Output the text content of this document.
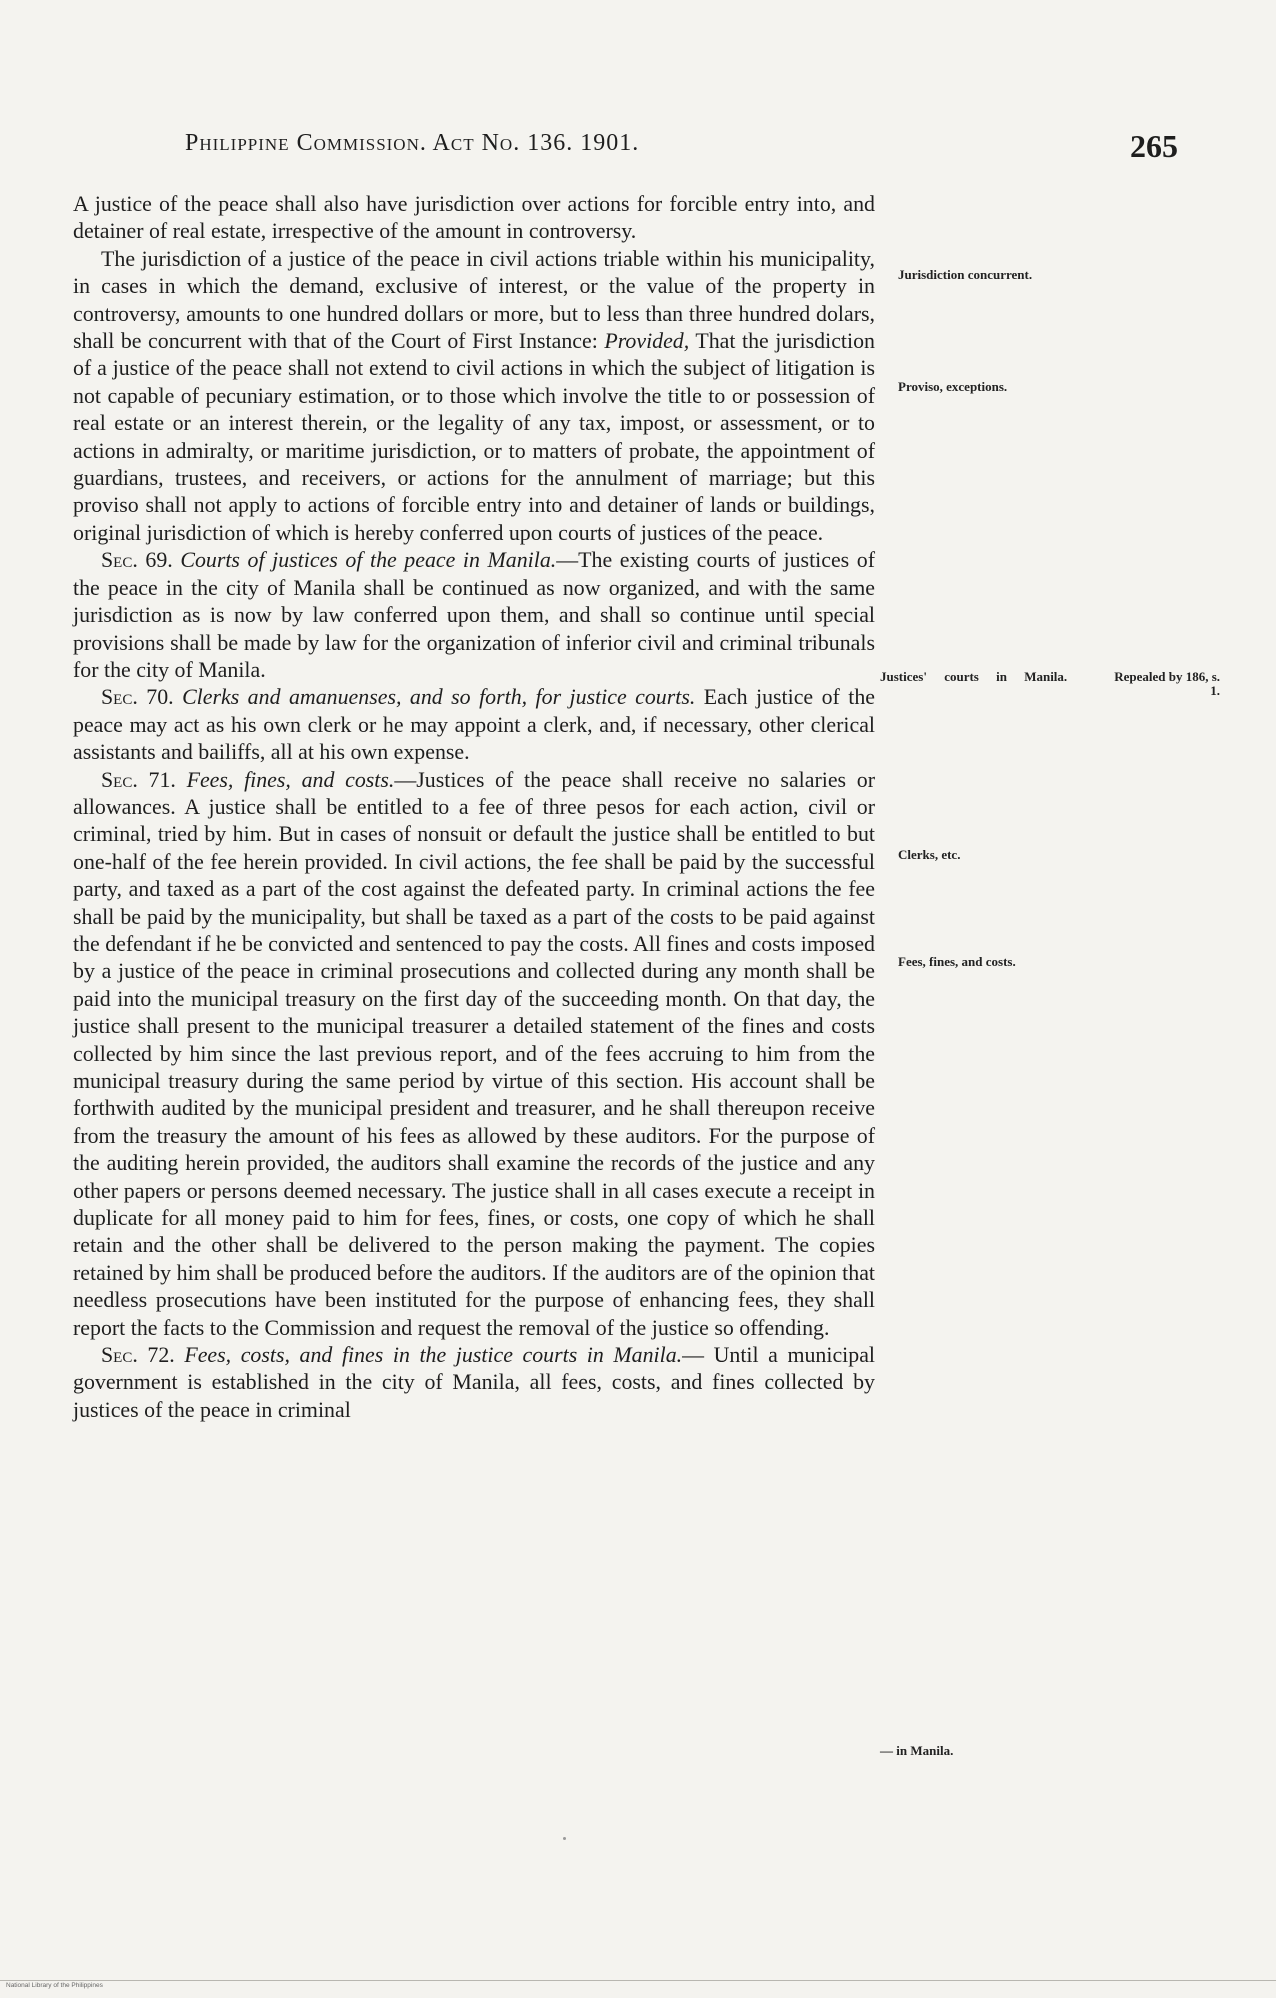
Philippine Commission. Act No. 136. 1901.	265

A justice of the peace shall also have jurisdiction over actions for forcible entry into, and detainer of real estate, irrespective of the amount in controversy.

The jurisdiction of a justice of the peace in civil actions triable within his municipality, in cases in which the demand, exclusive of interest, or the value of the property in controversy, amounts to one hundred dollars or more, but to less than three hundred dolars, shall be concurrent with that of the Court of First Instance: Provided, That the jurisdiction of a justice of the peace shall not extend to civil actions in which the subject of litigation is not capable of pecuniary estimation, or to those which involve the title to or possession of real estate or an interest therein, or the legality of any tax, impost, or assessment, or to actions in admiralty, or maritime jurisdiction, or to matters of probate, the appointment of guardians, trustees, and receivers, or actions for the annulment of marriage; but this proviso shall not apply to actions of forcible entry into and detainer of lands or buildings, original jurisdiction of which is hereby conferred upon courts of justices of the peace.

Sec. 69. Courts of justices of the peace in Manila.—The existing courts of justices of the peace in the city of Manila shall be continued as now organized, and with the same jurisdiction as is now by law conferred upon them, and shall so continue until special provisions shall be made by law for the organization of inferior civil and criminal tribunals for the city of Manila.

Sec. 70. Clerks and amanuenses, and so forth, for justice courts. Each justice of the peace may act as his own clerk or he may appoint a clerk, and, if necessary, other clerical assistants and bailiffs, all at his own expense.

Sec. 71. Fees, fines, and costs.—Justices of the peace shall receive no salaries or allowances. A justice shall be entitled to a fee of three pesos for each action, civil or criminal, tried by him. But in cases of nonsuit or default the justice shall be entitled to but one-half of the fee herein provided. In civil actions, the fee shall be paid by the successful party, and taxed as a part of the cost against the defeated party. In criminal actions the fee shall be paid by the municipality, but shall be taxed as a part of the costs to be paid against the defendant if he be convicted and sentenced to pay the costs. All fines and costs imposed by a justice of the peace in criminal prosecutions and collected during any month shall be paid into the municipal treasury on the first day of the succeeding month. On that day, the justice shall present to the municipal treasurer a detailed statement of the fines and costs collected by him since the last previous report, and of the fees accruing to him from the municipal treasury during the same period by virtue of this section. His account shall be forthwith audited by the municipal president and treasurer, and he shall thereupon receive from the treasury the amount of his fees as allowed by these auditors. For the purpose of the auditing herein provided, the auditors shall examine the records of the justice and any other papers or persons deemed necessary. The justice shall in all cases execute a receipt in duplicate for all money paid to him for fees, fines, or costs, one copy of which he shall retain and the other shall be delivered to the person making the payment. The copies retained by him shall be produced before the auditors. If the auditors are of the opinion that needless prosecutions have been instituted for the purpose of enhancing fees, they shall report the facts to the Commission and request the removal of the justice so offending.

Sec. 72. Fees, costs, and fines in the justice courts in Manila.— Until a municipal government is established in the city of Manila, all fees, costs, and fines collected by justices of the peace in criminal

Jurisdiction concurrent.
Proviso, exceptions.
Justices' courts in Manila.	Repealed by 186, s. 1.
Clerks, etc.
Fees, fines, and costs.
— in Manila.
National Library of the Philippines
